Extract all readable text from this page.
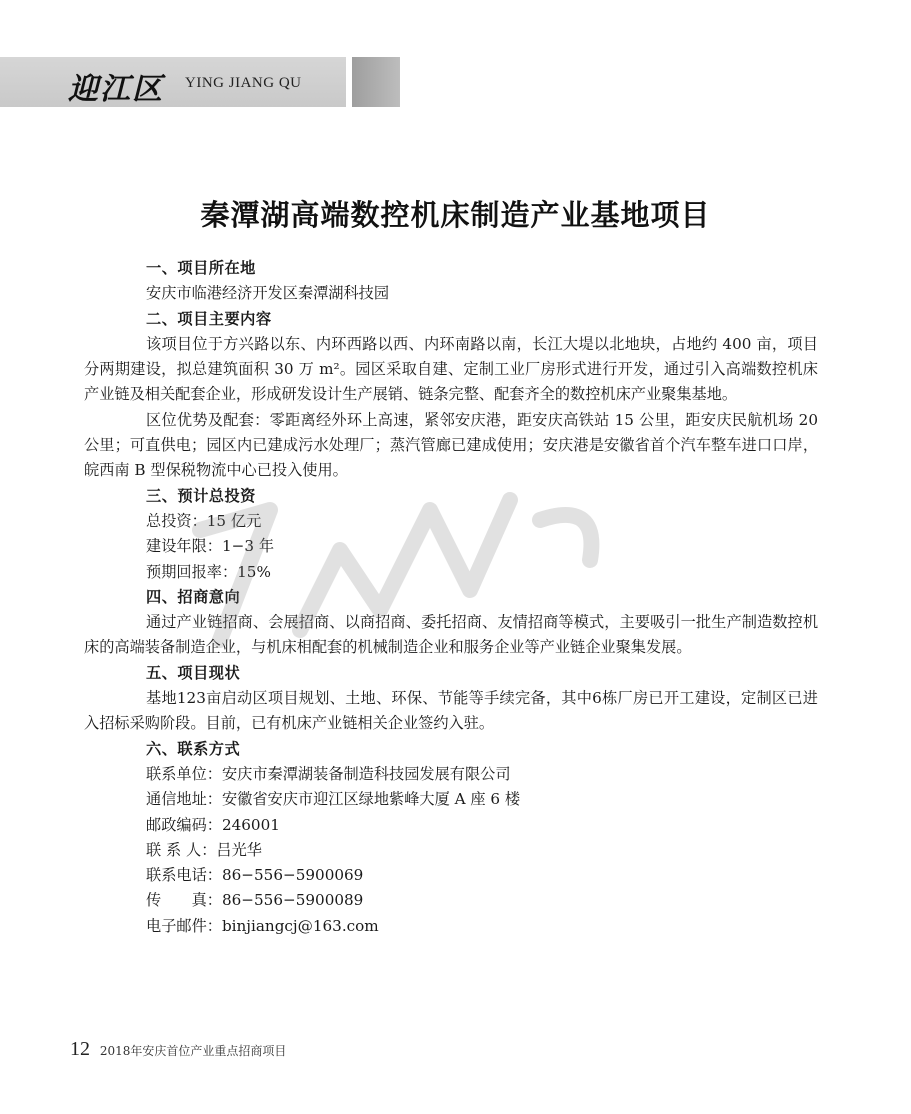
迎江区 YING JIANG QU
秦潭湖高端数控机床制造产业基地项目
一、项目所在地
安庆市临港经济开发区秦潭湖科技园
二、项目主要内容
该项目位于方兴路以东、内环西路以西、内环南路以南，长江大堤以北地块，占地约 400 亩，项目分两期建设，拟总建筑面积 30 万 m²。园区采取自建、定制工业厂房形式进行开发，通过引入高端数控机床产业链及相关配套企业，形成研发设计生产展销、链条完整、配套齐全的数控机床产业聚集基地。
区位优势及配套：零距离经外环上高速，紧邻安庆港，距安庆高铁站 15 公里，距安庆民航机场 20 公里；可直供电；园区内已建成污水处理厂；蒸汽管廊已建成使用；安庆港是安徽省首个汽车整车进口口岸，皖西南 B 型保税物流中心已投入使用。
三、预计总投资
总投资：15 亿元
建设年限：1−3 年
预期回报率：15%
四、招商意向
通过产业链招商、会展招商、以商招商、委托招商、友情招商等模式，主要吸引一批生产制造数控机床的高端装备制造企业，与机床相配套的机械制造企业和服务企业等产业链企业聚集发展。
五、项目现状
基地123亩启动区项目规划、土地、环保、节能等手续完备，其中6栋厂房已开工建设，定制区已进入招标采购阶段。目前，已有机床产业链相关企业签约入驻。
六、联系方式
联系单位：安庆市秦潭湖装备制造科技园发展有限公司
通信地址：安徽省安庆市迎江区绿地紫峰大厦 A 座 6 楼
邮政编码：246001
联 系 人：吕光华
联系电话：86−556−5900069
传　　真：86−556−5900089
电子邮件：binjiangcj@163.com
12 2018年安庆首位产业重点招商项目
